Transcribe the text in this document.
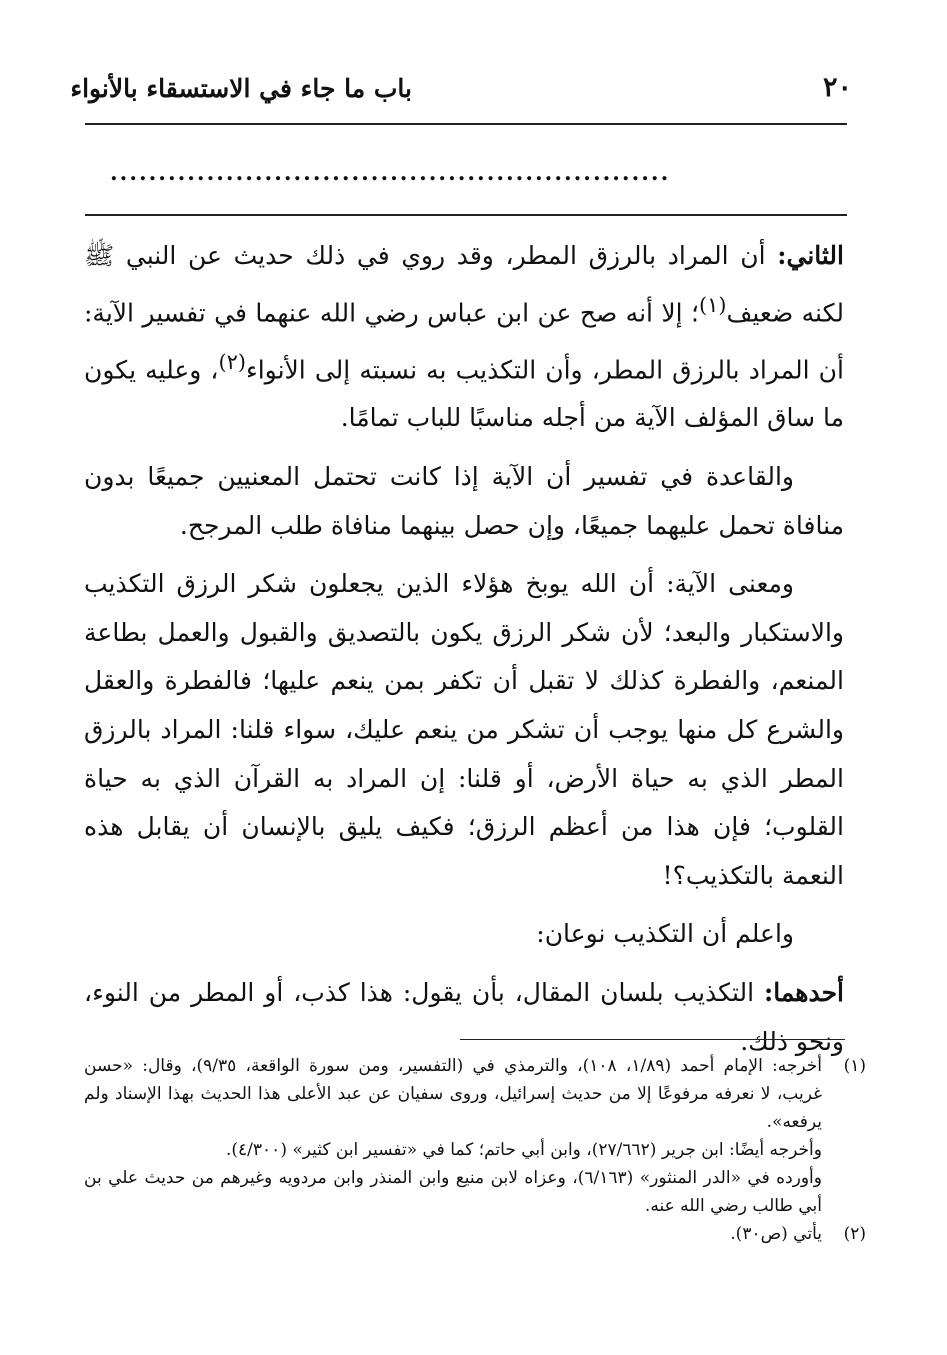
٢٠
باب ما جاء في الاستسقاء بالأنواء
..........................................................

الثاني: أن المراد بالرزق المطر، وقد روي في ذلك حديث عن النبي ﷺ لكنه ضعيف$^{(١)}$؛ إلا أنه صح عن ابن عباس رضي الله عنهما في تفسير الآية: أن المراد بالرزق المطر، وأن التكذيب به نسبته إلى الأنواء$^{(٢)}$، وعليه يكون ما ساق المؤلف الآية من أجله مناسبًا للباب تمامًا.

والقاعدة في تفسير أن الآية إذا كانت تحتمل المعنيين جميعًا بدون منافاة تحمل عليهما جميعًا، وإن حصل بينهما منافاة طلب المرجح.

ومعنى الآية: أن الله يوبخ هؤلاء الذين يجعلون شكر الرزق التكذيب والاستكبار والبعد؛ لأن شكر الرزق يكون بالتصديق والقبول والعمل بطاعة المنعم، والفطرة كذلك لا تقبل أن تكفر بمن ينعم عليها؛ فالفطرة والعقل والشرع كل منها يوجب أن تشكر من ينعم عليك، سواء قلنا: المراد بالرزق المطر الذي به حياة الأرض، أو قلنا: إن المراد به القرآن الذي به حياة القلوب؛ فإن هذا من أعظم الرزق؛ فكيف يليق بالإنسان أن يقابل هذه النعمة بالتكذيب؟!

واعلم أن التكذيب نوعان:

أحدهما: التكذيب بلسان المقال، بأن يقول: هذا كذب، أو المطر من النوء، ونحو ذلك.

(١)

أخرجه: الإمام أحمد (١/٨٩، ١٠٨)، والترمذي في (التفسير، ومن سورة الواقعة، ٩/٣٥)، وقال: «حسن غريب، لا نعرفه مرفوعًا إلا من حديث إسرائيل، وروى سفيان عن عبد الأعلى هذا الحديث بهذا الإسناد ولم يرفعه».

وأخرجه أيضًا: ابن جرير (٢٧/٦٦٢)، وابن أبي حاتم؛ كما في «تفسير ابن كثير» (٤/٣٠٠).

وأورده في «الدر المنثور» (٦/١٦٣)، وعزاه لابن منيع وابن المنذر وابن مردويه وغيرهم من حديث علي بن أبي طالب رضي الله عنه.

(٢)

يأتي (ص٣٠).
